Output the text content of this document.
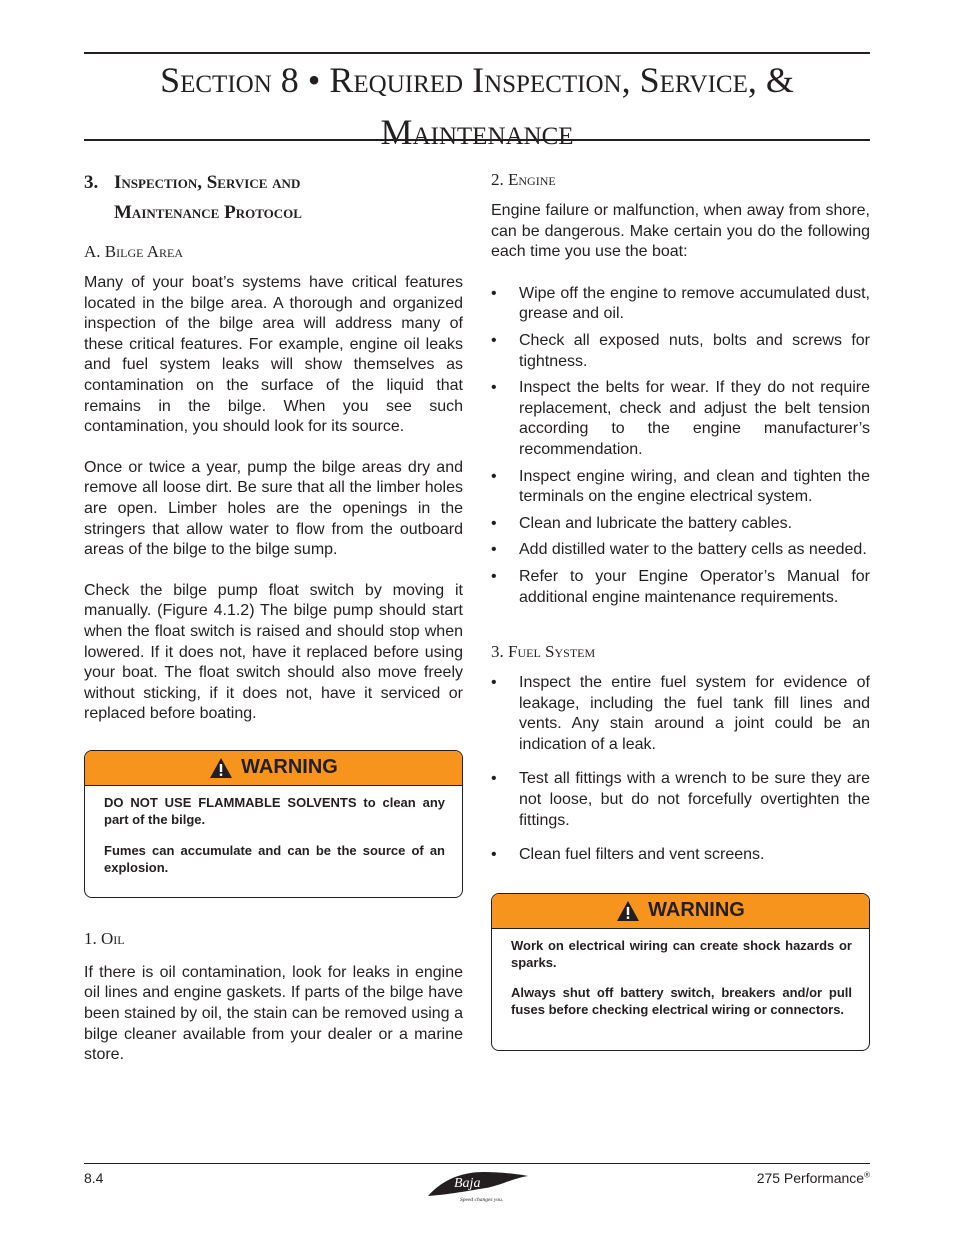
Section 8 • Required Inspection, Service, &
Maintenance
3. Inspection, Service and
Maintenance Protocol
A. Bilge Area

Many of your boat’s systems have critical features located in the bilge area. A thorough and organized inspection of the bilge area will address many of these critical features. For example, engine oil leaks and fuel system leaks will show themselves as contamination on the surface of the liquid that remains in the bilge. When you see such contamination, you should look for its source.

Once or twice a year, pump the bilge areas dry and remove all loose dirt. Be sure that all the limber holes are open. Limber holes are the openings in the stringers that allow water to flow from the outboard areas of the bilge to the bilge sump.

Check the bilge pump float switch by moving it manually. (Figure 4.1.2) The bilge pump should start when the float switch is raised and should stop when lowered. If it does not, have it replaced before using your boat. The float switch should also move freely without sticking, if it does not, have it serviced or replaced before boating.

WARNING

DO NOT USE FLAMMABLE SOLVENTS to clean any part of the bilge.

Fumes can accumulate and can be the source of an explosion.

1. Oil

If there is oil contamination, look for leaks in engine oil lines and engine gaskets. If parts of the bilge have been stained by oil, the stain can be removed using a bilge cleaner available from your dealer or a marine store.

2. Engine

Engine failure or malfunction, when away from shore, can be dangerous. Make certain you do the following each time you use the boat:

•	Wipe off the engine to remove accumulated dust, grease and oil.
•	Check all exposed nuts, bolts and screws for tightness.
•	Inspect the belts for wear. If they do not require replacement, check and adjust the belt tension according to the engine manufacturer’s recommendation.
•	Inspect engine wiring, and clean and tighten the terminals on the engine electrical system.
•	Clean and lubricate the battery cables.
•	Add distilled water to the battery cells as needed.
•	Refer to your Engine Operator’s Manual for additional engine maintenance requirements.
3. Fuel System
•	Inspect the entire fuel system for evidence of leakage, including the fuel tank fill lines and vents. Any stain around a joint could be an indication of a leak.
•	Test all fittings with a wrench to be sure they are not loose, but do not forcefully overtighten the fittings.
•	Clean fuel filters and vent screens.
WARNING

Work on electrical wiring can create shock hazards or sparks.

Always shut off battery switch, breakers and/or pull fuses before checking electrical wiring or connectors.

8.4	Baja
Speed changes you.
275 Performance®
